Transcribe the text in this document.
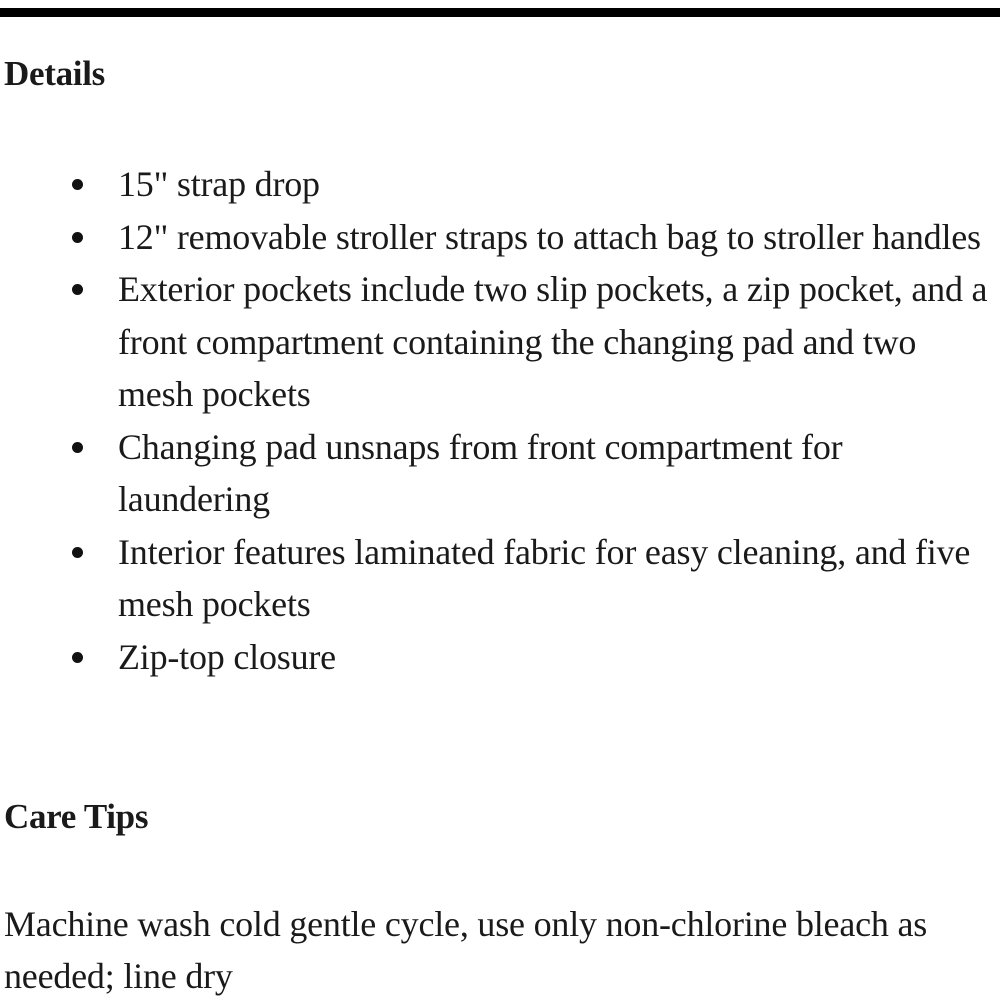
Details
15" strap drop
12" removable stroller straps to attach bag to stroller handles
Exterior pockets include two slip pockets, a zip pocket, and a front compartment containing the changing pad and two mesh pockets
Changing pad unsnaps from front compartment for laundering
Interior features laminated fabric for easy cleaning, and five mesh pockets
Zip-top closure
Care Tips

Machine wash cold gentle cycle, use only non-chlorine bleach as needed; line dry
